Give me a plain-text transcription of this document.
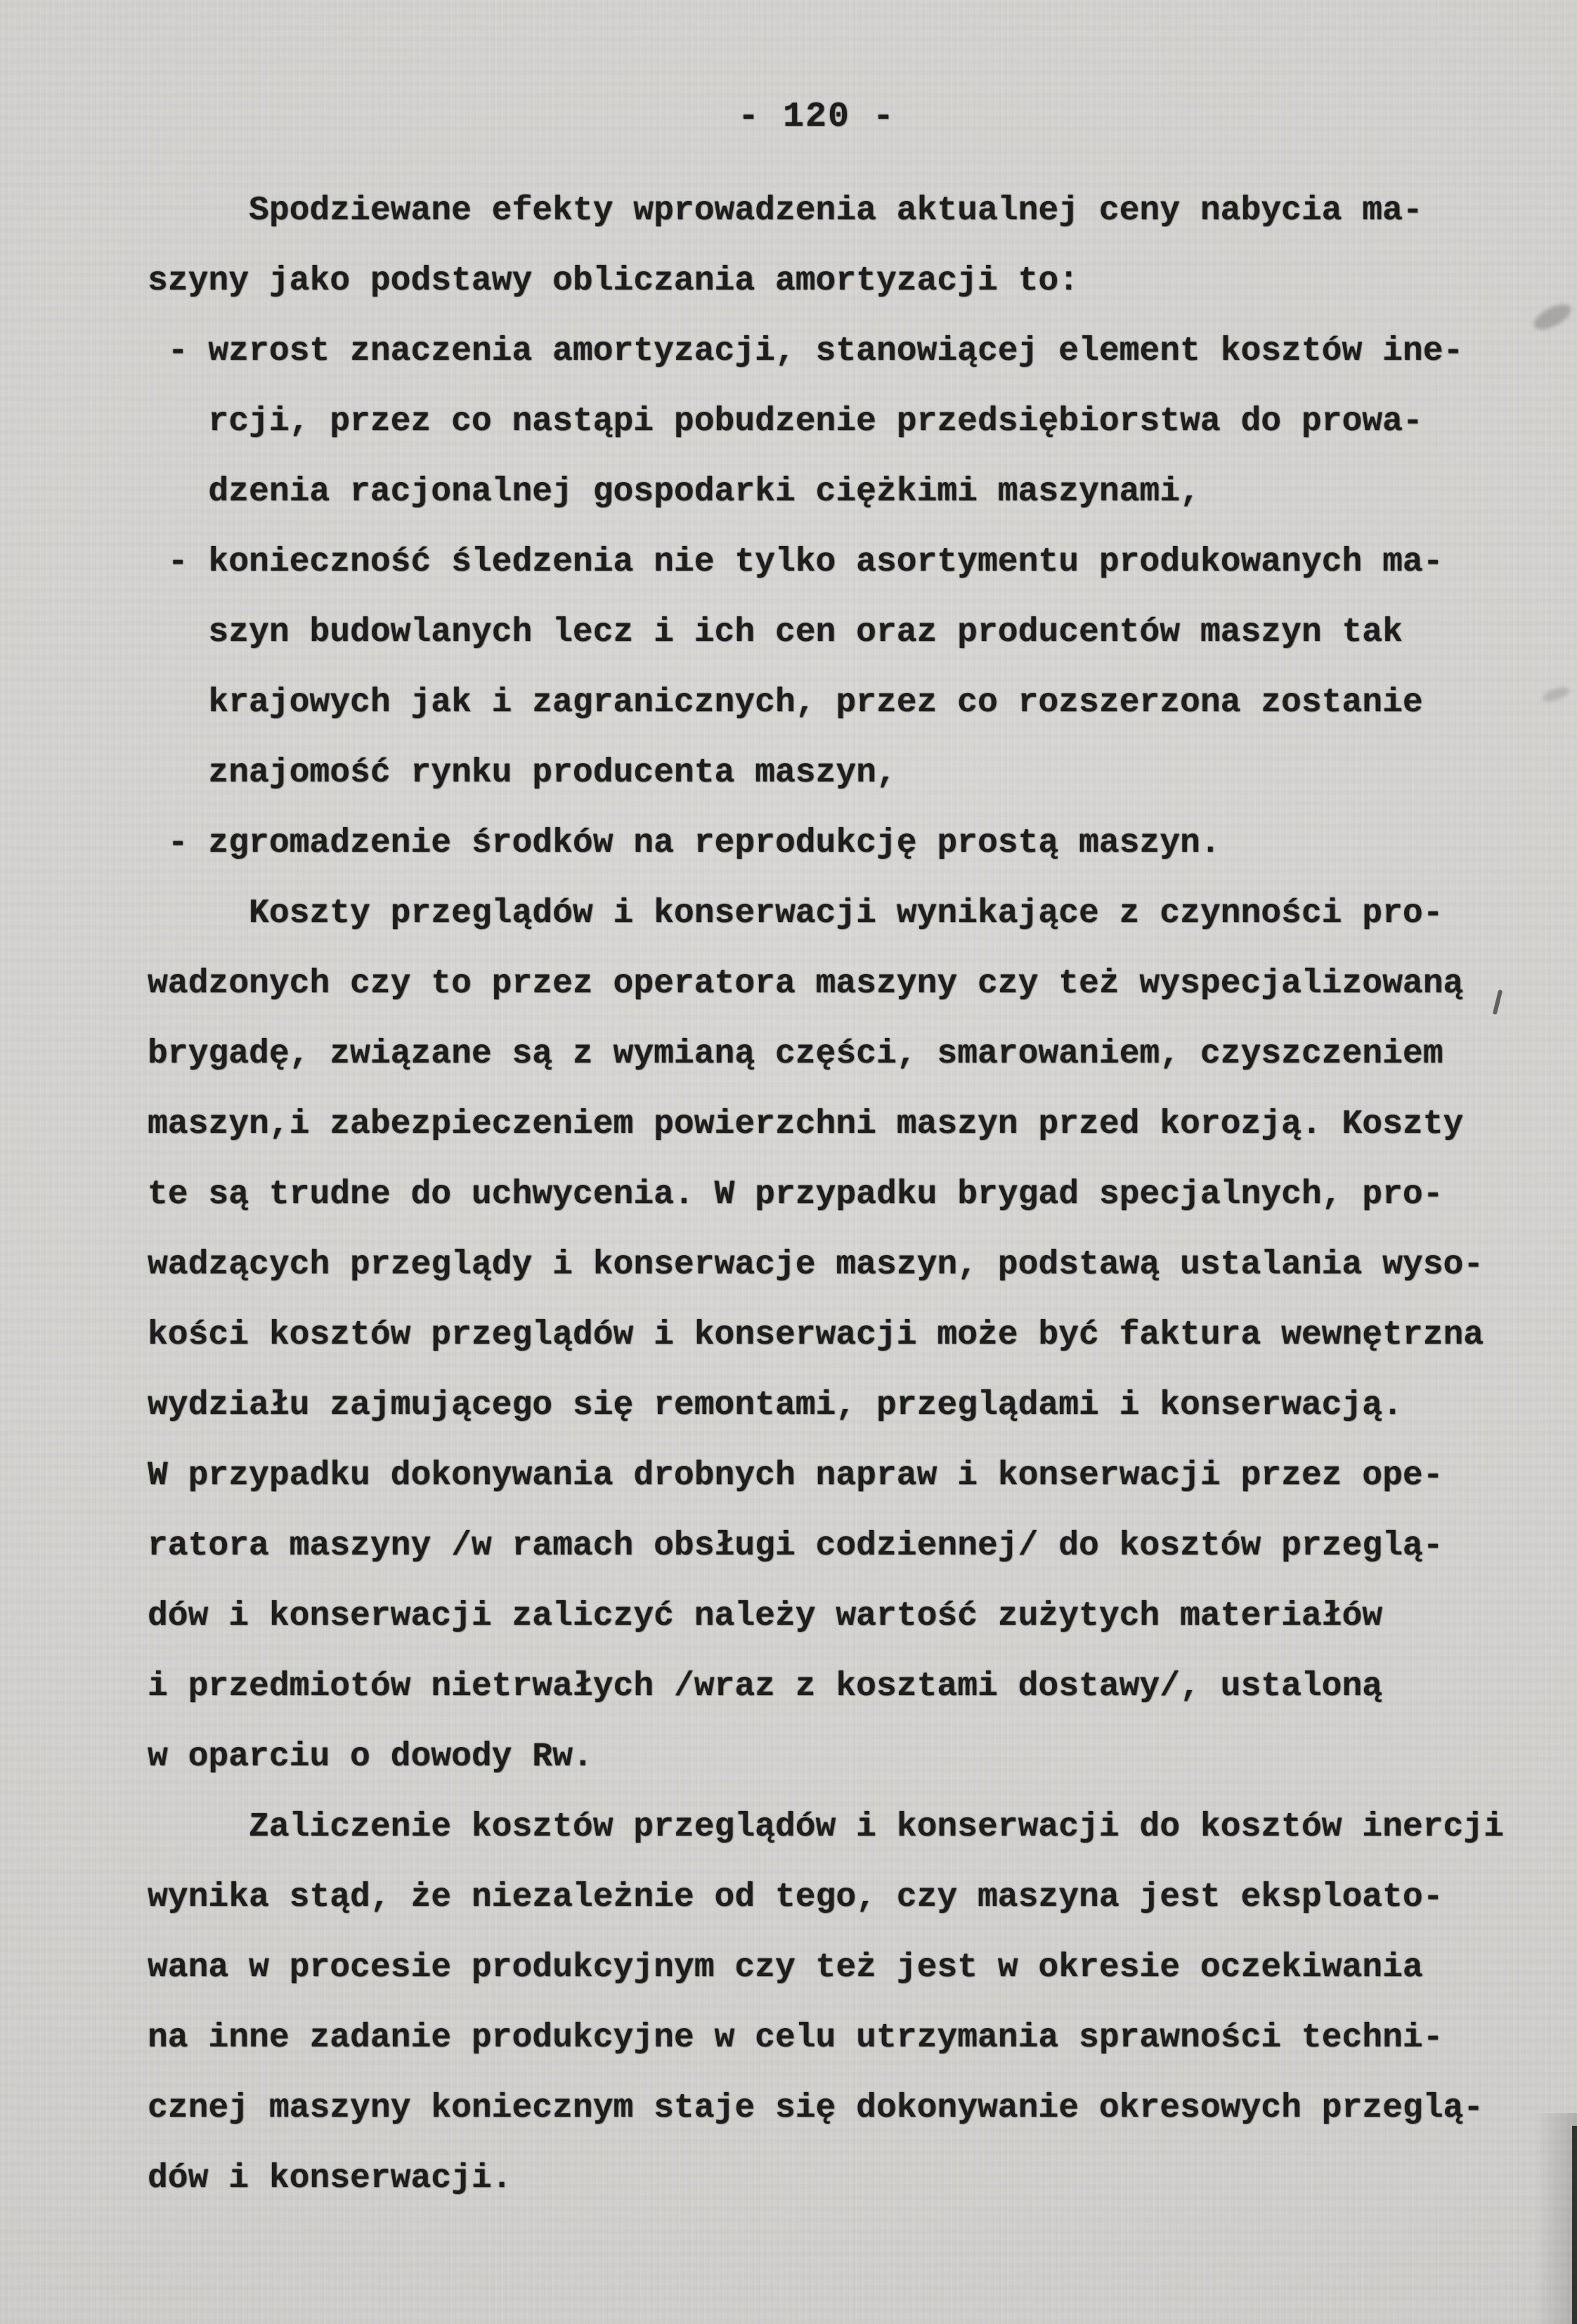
- 120 -
Spodziewane efekty wprowadzenia aktualnej ceny nabycia ma-
szyny jako podstawy obliczania amortyzacji to:
- wzrost znaczenia amortyzacji, stanowiącej element kosztów ine-
rcji, przez co nastąpi pobudzenie przedsiębiorstwa do prowa-
dzenia racjonalnej gospodarki ciężkimi maszynami,
- konieczność śledzenia nie tylko asortymentu produkowanych ma-
szyn budowlanych lecz i ich cen oraz producentów maszyn tak
krajowych jak i zagranicznych, przez co rozszerzona zostanie
znajomość rynku producenta maszyn,
- zgromadzenie środków na reprodukcję prostą maszyn.
Koszty przeglądów i konserwacji wynikające z czynności pro-
wadzonych czy to przez operatora maszyny czy też wyspecjalizowaną
brygadę, związane są z wymianą części, smarowaniem, czyszczeniem
maszyn,i zabezpieczeniem powierzchni maszyn przed korozją. Koszty
te są trudne do uchwycenia. W przypadku brygad specjalnych, pro-
wadzących przeglądy i konserwacje maszyn, podstawą ustalania wyso-
kości kosztów przeglądów i konserwacji może być faktura wewnętrzna
wydziału zajmującego się remontami, przeglądami i konserwacją.
W przypadku dokonywania drobnych napraw i konserwacji przez ope-
ratora maszyny /w ramach obsługi codziennej/ do kosztów przeglą-
dów i konserwacji zaliczyć należy wartość zużytych materiałów
i przedmiotów nietrwałych /wraz z kosztami dostawy/, ustaloną
w oparciu o dowody Rw.
Zaliczenie kosztów przeglądów i konserwacji do kosztów inercji
wynika stąd, że niezależnie od tego, czy maszyna jest eksploato-
wana w procesie produkcyjnym czy też jest w okresie oczekiwania
na inne zadanie produkcyjne w celu utrzymania sprawności techni-
cznej maszyny koniecznym staje się dokonywanie okresowych przeglą-
dów i konserwacji.
